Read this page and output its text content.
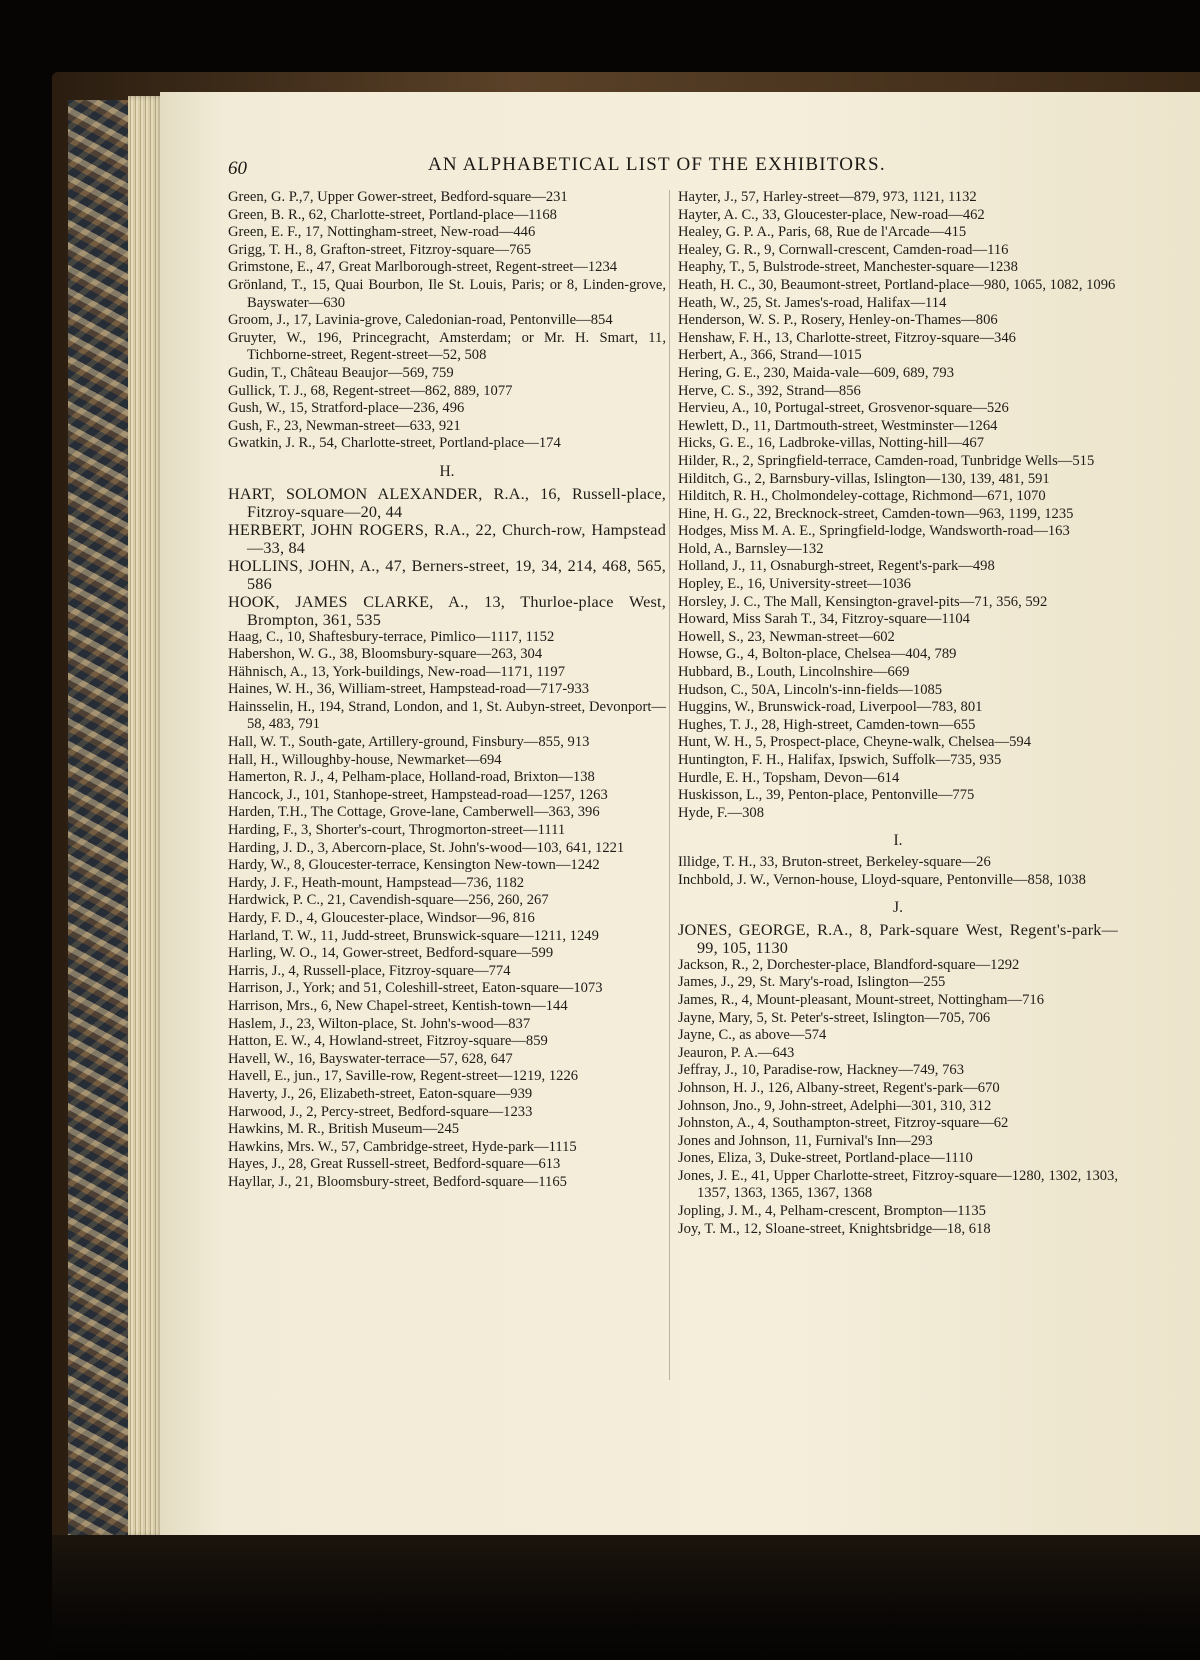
60	AN ALPHABETICAL LIST OF THE EXHIBITORS.

Green, G. P.,7, Upper Gower-street, Bedford-square—231

Green, B. R., 62, Charlotte-street, Portland-place—1168

Green, E. F., 17, Nottingham-street, New-road—446

Grigg, T. H., 8, Grafton-street, Fitzroy-square—765

Grimstone, E., 47, Great Marlborough-street, Regent-street—1234

Grönland, T., 15, Quai Bourbon, Ile St. Louis, Paris; or 8, Linden-grove, Bayswater—630

Groom, J., 17, Lavinia-grove, Caledonian-road, Pentonville—854

Gruyter, W., 196, Princegracht, Amsterdam; or Mr. H. Smart, 11, Tichborne-street, Regent-street—52, 508

Gudin, T., Château Beaujor—569, 759

Gullick, T. J., 68, Regent-street—862, 889, 1077

Gush, W., 15, Stratford-place—236, 496

Gush, F., 23, Newman-street—633, 921

Gwatkin, J. R., 54, Charlotte-street, Portland-place—174

H.

HART, SOLOMON ALEXANDER, R.A., 16, Russell-place, Fitzroy-square—20, 44

HERBERT, JOHN ROGERS, R.A., 22, Church-row, Hampstead—33, 84

HOLLINS, JOHN, A., 47, Berners-street, 19, 34, 214, 468, 565, 586

HOOK, JAMES CLARKE, A., 13, Thurloe-place West, Brompton, 361, 535

Haag, C., 10, Shaftesbury-terrace, Pimlico—1117, 1152

Habershon, W. G., 38, Bloomsbury-square—263, 304

Hähnisch, A., 13, York-buildings, New-road—1171, 1197

Haines, W. H., 36, William-street, Hampstead-road—717-933

Hainsselin, H., 194, Strand, London, and 1, St. Aubyn-street, Devonport—58, 483, 791

Hall, W. T., South-gate, Artillery-ground, Finsbury—855, 913

Hall, H., Willoughby-house, Newmarket—694

Hamerton, R. J., 4, Pelham-place, Holland-road, Brixton—138

Hancock, J., 101, Stanhope-street, Hampstead-road—1257, 1263

Harden, T.H., The Cottage, Grove-lane, Camberwell—363, 396

Harding, F., 3, Shorter's-court, Throgmorton-street—1111

Harding, J. D., 3, Abercorn-place, St. John's-wood—103, 641, 1221

Hardy, W., 8, Gloucester-terrace, Kensington New-town—1242

Hardy, J. F., Heath-mount, Hampstead—736, 1182

Hardwick, P. C., 21, Cavendish-square—256, 260, 267

Hardy, F. D., 4, Gloucester-place, Windsor—96, 816

Harland, T. W., 11, Judd-street, Brunswick-square—1211, 1249

Harling, W. O., 14, Gower-street, Bedford-square—599

Harris, J., 4, Russell-place, Fitzroy-square—774

Harrison, J., York; and 51, Coleshill-street, Eaton-square—1073

Harrison, Mrs., 6, New Chapel-street, Kentish-town—144

Haslem, J., 23, Wilton-place, St. John's-wood—837

Hatton, E. W., 4, Howland-street, Fitzroy-square—859

Havell, W., 16, Bayswater-terrace—57, 628, 647

Havell, E., jun., 17, Saville-row, Regent-street—1219, 1226

Haverty, J., 26, Elizabeth-street, Eaton-square—939

Harwood, J., 2, Percy-street, Bedford-square—1233

Hawkins, M. R., British Museum—245

Hawkins, Mrs. W., 57, Cambridge-street, Hyde-park—1115

Hayes, J., 28, Great Russell-street, Bedford-square—613

Hayllar, J., 21, Bloomsbury-street, Bedford-square—1165

Hayter, J., 57, Harley-street—879, 973, 1121, 1132

Hayter, A. C., 33, Gloucester-place, New-road—462

Healey, G. P. A., Paris, 68, Rue de l'Arcade—415

Healey, G. R., 9, Cornwall-crescent, Camden-road—116

Heaphy, T., 5, Bulstrode-street, Manchester-square—1238

Heath, H. C., 30, Beaumont-street, Portland-place—980, 1065, 1082, 1096

Heath, W., 25, St. James's-road, Halifax—114

Henderson, W. S. P., Rosery, Henley-on-Thames—806

Henshaw, F. H., 13, Charlotte-street, Fitzroy-square—346

Herbert, A., 366, Strand—1015

Hering, G. E., 230, Maida-vale—609, 689, 793

Herve, C. S., 392, Strand—856

Hervieu, A., 10, Portugal-street, Grosvenor-square—526

Hewlett, D., 11, Dartmouth-street, Westminster—1264

Hicks, G. E., 16, Ladbroke-villas, Notting-hill—467

Hilder, R., 2, Springfield-terrace, Camden-road, Tunbridge Wells—515

Hilditch, G., 2, Barnsbury-villas, Islington—130, 139, 481, 591

Hilditch, R. H., Cholmondeley-cottage, Richmond—671, 1070

Hine, H. G., 22, Brecknock-street, Camden-town—963, 1199, 1235

Hodges, Miss M. A. E., Springfield-lodge, Wandsworth-road—163

Hold, A., Barnsley—132

Holland, J., 11, Osnaburgh-street, Regent's-park—498

Hopley, E., 16, University-street—1036

Horsley, J. C., The Mall, Kensington-gravel-pits—71, 356, 592

Howard, Miss Sarah T., 34, Fitzroy-square—1104

Howell, S., 23, Newman-street—602

Howse, G., 4, Bolton-place, Chelsea—404, 789

Hubbard, B., Louth, Lincolnshire—669

Hudson, C., 50A, Lincoln's-inn-fields—1085

Huggins, W., Brunswick-road, Liverpool—783, 801

Hughes, T. J., 28, High-street, Camden-town—655

Hunt, W. H., 5, Prospect-place, Cheyne-walk, Chelsea—594

Huntington, F. H., Halifax, Ipswich, Suffolk—735, 935

Hurdle, E. H., Topsham, Devon—614

Huskisson, L., 39, Penton-place, Pentonville—775

Hyde, F.—308

I.

Illidge, T. H., 33, Bruton-street, Berkeley-square—26

Inchbold, J. W., Vernon-house, Lloyd-square, Pentonville—858, 1038

J.

JONES, GEORGE, R.A., 8, Park-square West, Regent's-park—99, 105, 1130

Jackson, R., 2, Dorchester-place, Blandford-square—1292

James, J., 29, St. Mary's-road, Islington—255

James, R., 4, Mount-pleasant, Mount-street, Nottingham—716

Jayne, Mary, 5, St. Peter's-street, Islington—705, 706

Jayne, C., as above—574

Jeauron, P. A.—643

Jeffray, J., 10, Paradise-row, Hackney—749, 763

Johnson, H. J., 126, Albany-street, Regent's-park—670

Johnson, Jno., 9, John-street, Adelphi—301, 310, 312

Johnston, A., 4, Southampton-street, Fitzroy-square—62

Jones and Johnson, 11, Furnival's Inn—293

Jones, Eliza, 3, Duke-street, Portland-place—1110

Jones, J. E., 41, Upper Charlotte-street, Fitzroy-square—1280, 1302, 1303, 1357, 1363, 1365, 1367, 1368

Jopling, J. M., 4, Pelham-crescent, Brompton—1135

Joy, T. M., 12, Sloane-street, Knightsbridge—18, 618
